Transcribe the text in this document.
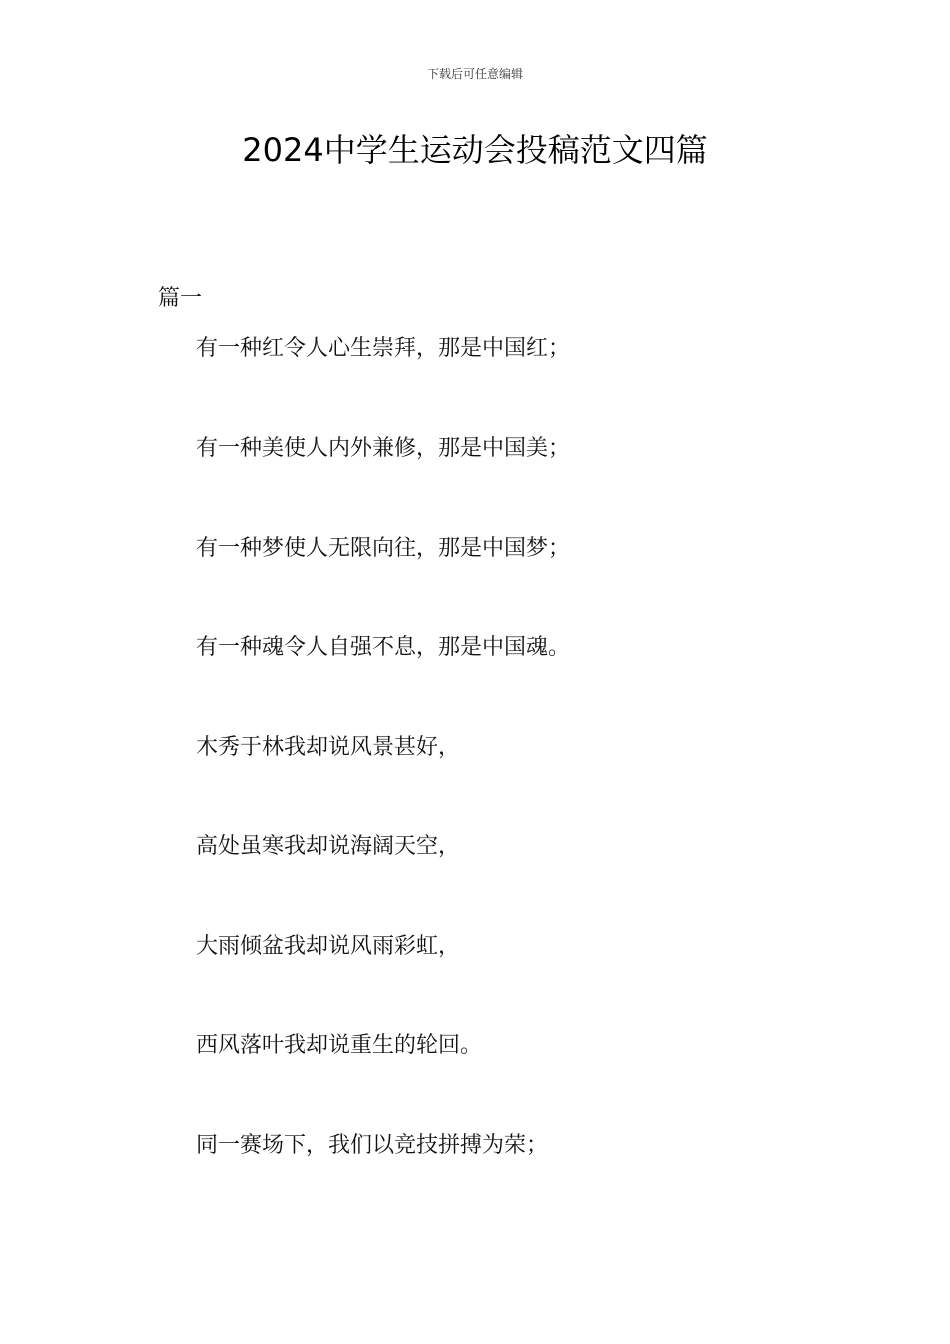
下载后可任意编辑
2024中学生运动会投稿范文四篇
篇一
有一种红令人心生崇拜，那是中国红；
有一种美使人内外兼修，那是中国美；
有一种梦使人无限向往，那是中国梦；
有一种魂令人自强不息，那是中国魂。
木秀于林我却说风景甚好，
高处虽寒我却说海阔天空，
大雨倾盆我却说风雨彩虹，
西风落叶我却说重生的轮回。
同一赛场下，我们以竞技拼搏为荣；
